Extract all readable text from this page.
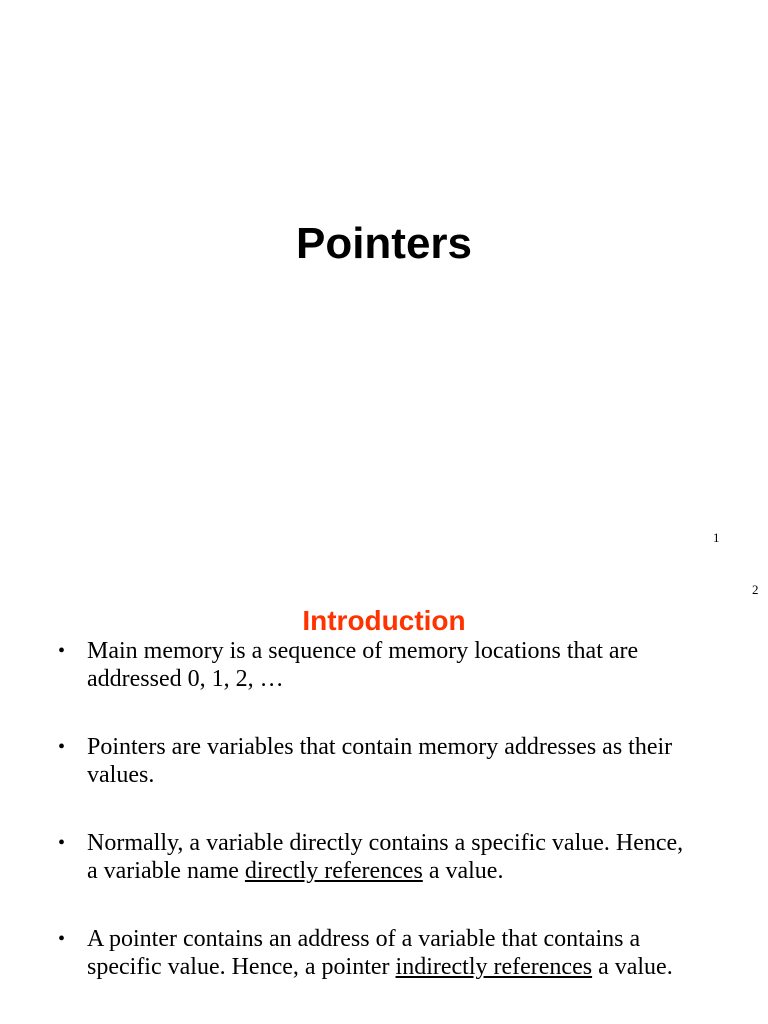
Pointers
1
2
Introduction
• Main memory is a sequence of memory locations that are addressed 0, 1, 2, …
• Pointers are variables that contain memory addresses as their values.
• Normally, a variable directly contains a specific value. Hence, a variable name directly references a value.
• A pointer contains an address of a variable that contains a specific value. Hence, a pointer indirectly references a value.
